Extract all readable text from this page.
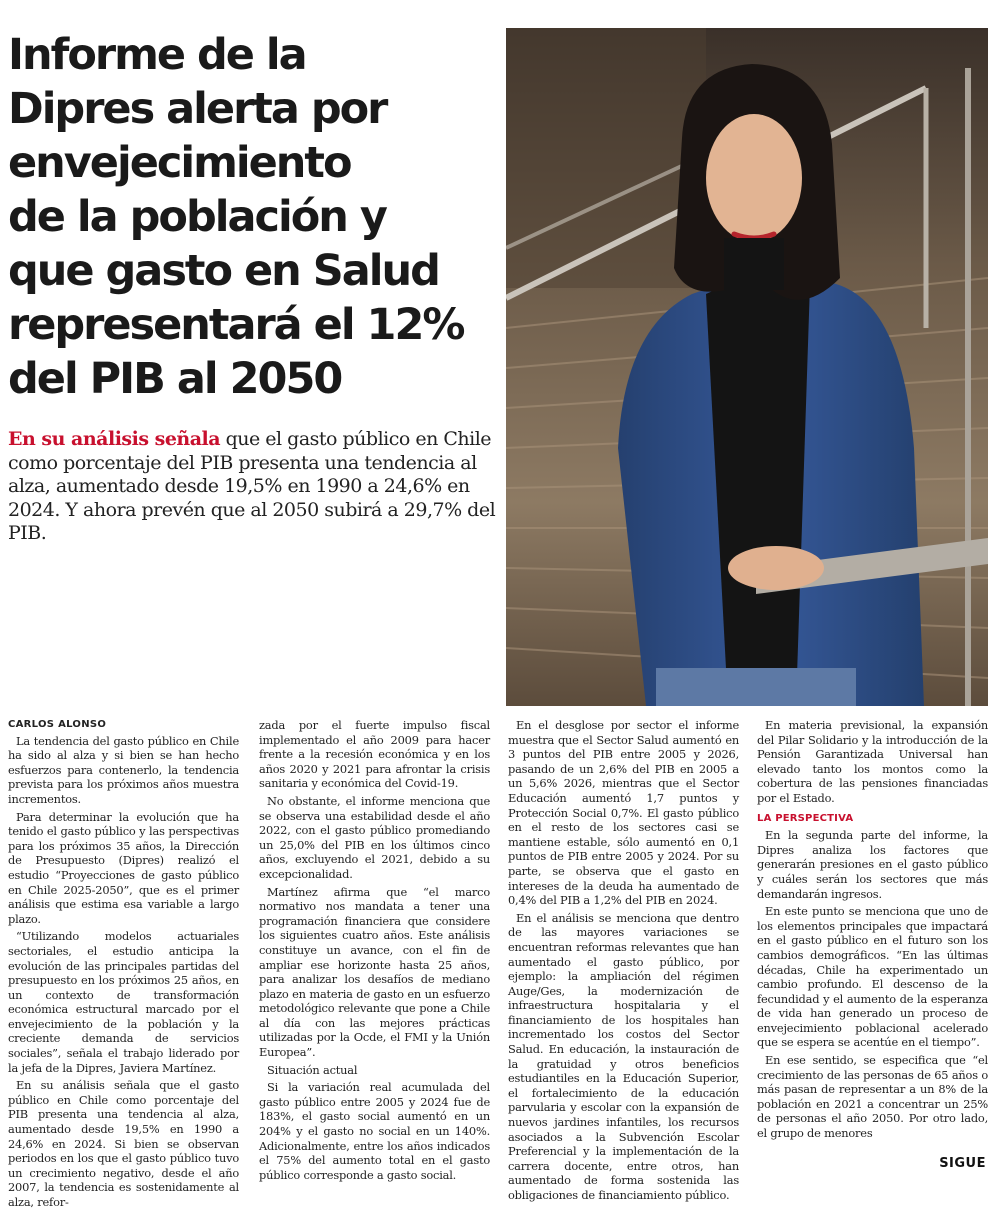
Informe de la
Dipres alerta por
envejecimiento
de la población y
que gasto en Salud
representará el 12%
del PIB al 2050

En su análisis señala que el gasto público en Chile como porcentaje del PIB presenta una tendencia al alza, aumentado desde 19,5% en 1990 a 24,6% en 2024. Y ahora prevén que al 2050 subirá a 29,7% del PIB.

CARLOS ALONSO

La tendencia del gasto público en Chile ha sido al alza y si bien se han hecho esfuerzos para contenerlo, la tendencia prevista para los próximos años muestra incrementos.

Para determinar la evolución que ha tenido el gasto público y las perspectivas para los próximos 35 años, la Dirección de Presupuesto (Dipres) realizó el estudio “Proyecciones de gasto público en Chile 2025-2050”, que es el primer análisis que estima esa variable a largo plazo.

“Utilizando modelos actuariales sectoriales, el estudio anticipa la evolución de las principales partidas del presupuesto en los próximos 25 años, en un contexto de transformación económica estructural marcado por el envejecimiento de la población y la creciente demanda de servicios sociales”, señala el trabajo liderado por la jefa de la Dipres, Javiera Martínez.

En su análisis señala que el gasto público en Chile como porcentaje del PIB presenta una tendencia al alza, aumentado desde 19,5% en 1990 a 24,6% en 2024. Si bien se observan periodos en los que el gasto público tuvo un crecimiento negativo, desde el año 2007, la tendencia es sostenidamente al alza, refor-

zada por el fuerte impulso fiscal implementado el año 2009 para hacer frente a la recesión económica y en los años 2020 y 2021 para afrontar la crisis sanitaria y económica del Covid-19.

No obstante, el informe menciona que se observa una estabilidad desde el año 2022, con el gasto público promediando un 25,0% del PIB en los últimos cinco años, excluyendo el 2021, debido a su excepcionalidad.

Martínez afirma que “el marco normativo nos mandata a tener una programación financiera que considere los siguientes cuatro años. Este análisis constituye un avance, con el fin de ampliar ese horizonte hasta 25 años, para analizar los desafíos de mediano plazo en materia de gasto en un esfuerzo metodológico relevante que pone a Chile al día con las mejores prácticas utilizadas por la Ocde, el FMI y la Unión Europea”.

Situación actual

Si la variación real acumulada del gasto público entre 2005 y 2024 fue de 183%, el gasto social aumentó en un 204% y el gasto no social en un 140%. Adicionalmente, entre los años indicados el 75% del aumento total en el gasto público corresponde a gasto social.

En el desglose por sector el informe muestra que el Sector Salud aumentó en 3 puntos del PIB entre 2005 y 2026, pasando de un 2,6% del PIB en 2005 a un 5,6% 2026, mientras que el Sector Educación aumentó 1,7 puntos y Protección Social 0,7%. El gasto público en el resto de los sectores casi se mantiene estable, sólo aumentó en 0,1 puntos de PIB entre 2005 y 2024. Por su parte, se observa que el gasto en intereses de la deuda ha aumentado de 0,4% del PIB a 1,2% del PIB en 2024.

En el análisis se menciona que dentro de las mayores variaciones se encuentran reformas relevantes que han aumentado el gasto público, por ejemplo: la ampliación del régimen Auge/Ges, la modernización de infraestructura hospitalaria y el financiamiento de los hospitales han incrementado los costos del Sector Salud. En educación, la instauración de la gratuidad y otros beneficios estudiantiles en la Educación Superior, el fortalecimiento de la educación parvularia y escolar con la expansión de nuevos jardines infantiles, los recursos asociados a la Subvención Escolar Preferencial y la implementación de la carrera docente, entre otros, han aumentado de forma sostenida las obligaciones de financiamiento público.

En materia previsional, la expansión del Pilar Solidario y la introducción de la Pensión Garantizada Universal han elevado tanto los montos como la cobertura de las pensiones financiadas por el Estado.

LA PERSPECTIVA

En la segunda parte del informe, la Dipres analiza los factores que generarán presiones en el gasto público y cuáles serán los sectores que más demandarán ingresos.

En este punto se menciona que uno de los elementos principales que impactará en el gasto público en el futuro son los cambios demográficos. “En las últimas décadas, Chile ha experimentado un cambio profundo. El descenso de la fecundidad y el aumento de la esperanza de vida han generado un proceso de envejecimiento poblacional acelerado que se espera se acentúe en el tiempo”.

En ese sentido, se especifica que “el crecimiento de las personas de 65 años o más pasan de representar a un 8% de la población en 2021 a concentrar un 25% de personas el año 2050. Por otro lado, el grupo de menores

SIGUE
